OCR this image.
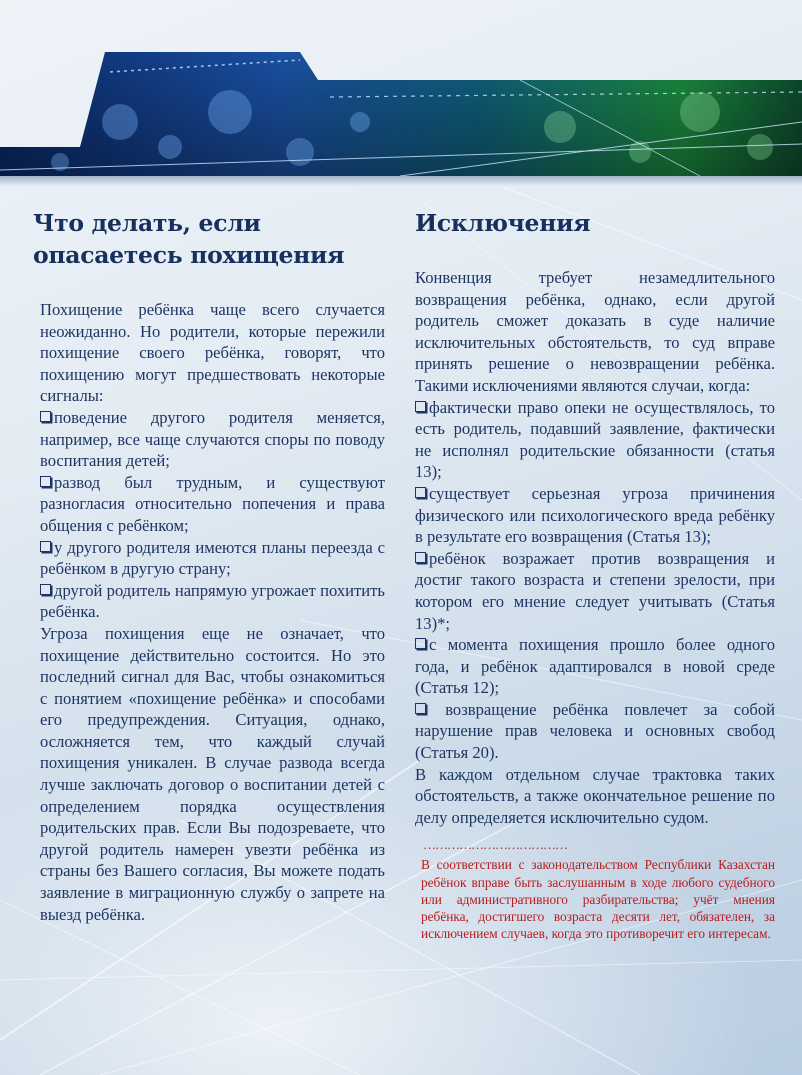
Что делать, если опасаетесь похищения

Похищение ребёнка чаще всего случается неожиданно. Но родители, которые пережили похищение своего ребёнка, говорят, что похищению могут предшествовать некоторые сигналы:

поведение другого родителя меняется, например, все чаще случаются споры по поводу воспитания детей;

развод был трудным, и существуют разногласия относительно попечения и права общения с ребёнком;

у другого родителя имеются планы переезда с ребёнком в другую страну;

другой родитель напрямую угрожает похитить ребёнка.

Угроза похищения еще не означает, что похищение действительно состоится. Но это последний сигнал для Вас, чтобы ознакомиться с понятием «похищение ребёнка» и способами его предупреждения. Ситуация, однако, осложняется тем, что каждый случай похищения уникален. В случае развода всегда лучше заключать договор о воспитании детей с определением порядка осуществления родительских прав. Если Вы подозреваете, что другой родитель намерен увезти ребёнка из страны без Вашего согласия, Вы можете подать заявление в миграционную службу о запрете на выезд ребёнка.

Исключения

Конвенция требует незамедлительного возвращения ребёнка, однако, если другой родитель сможет доказать в суде наличие исключительных обстоятельств, то суд вправе принять решение о невозвращении ребёнка. Такими исключениями являются случаи, когда:

фактически право опеки не осуществлялось, то есть родитель, подавший заявление, фактически не исполнял родительские обязанности (статья 13);

существует серьезная угроза причинения физического или психологического вреда ребёнку в результате его возвращения (Статья 13);

ребёнок возражает против возвращения и достиг такого возраста и степени зрелости, при котором его мнение следует учитывать (Статья 13)*;

с момента похищения прошло более одного года, и ребёнок адаптировался в новой среде (Статья 12);

возвращение ребёнка повлечет за собой нарушение прав человека и основных свобод (Статья 20).

В каждом отдельном случае трактовка таких обстоятельств, а также окончательное решение по делу определяется исключительно судом.

………………………………

В соответствии с законодательством Республики Казахстан ребёнок вправе быть заслушанным в ходе любого судебного или административного разбирательства; учёт мнения ребёнка, достигшего возраста десяти лет, обязателен, за исключением случаев, когда это противоречит его интересам.
